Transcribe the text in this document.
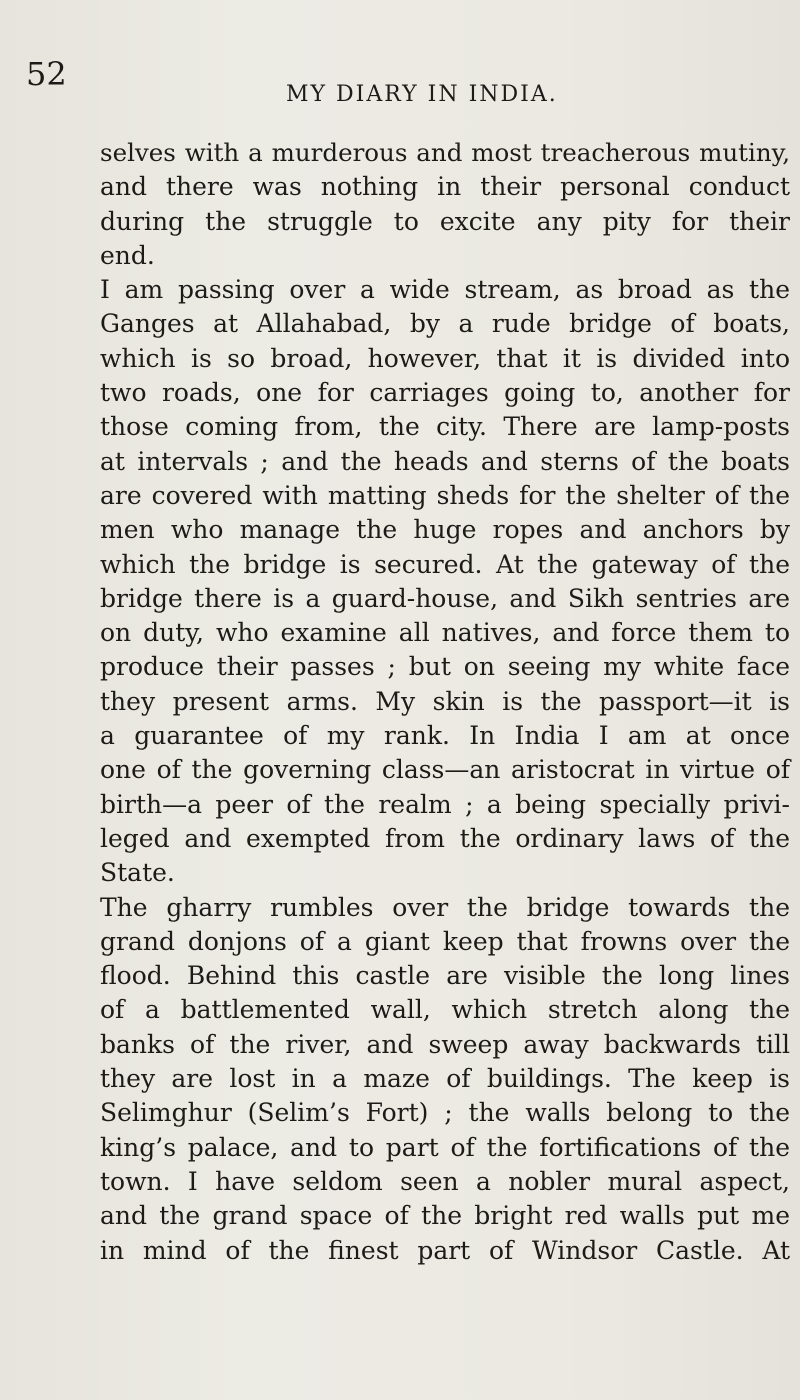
52
MY DIARY IN INDIA.
selves with a murderous and most treacherous mutiny,
and there was nothing in their personal conduct
during the struggle to excite any pity for their
end.
I am passing over a wide stream, as broad as the
Ganges at Allahabad, by a rude bridge of boats,
which is so broad, however, that it is divided into
two roads, one for carriages going to, another for
those coming from, the city. There are lamp-posts
at intervals ; and the heads and sterns of the boats
are covered with matting sheds for the shelter of the
men who manage the huge ropes and anchors by
which the bridge is secured. At the gateway of the
bridge there is a guard-house, and Sikh sentries are
on duty, who examine all natives, and force them to
produce their passes ; but on seeing my white face
they present arms. My skin is the passport—it is
a guarantee of my rank. In India I am at once
one of the governing class—an aristocrat in virtue of
birth—a peer of the realm ; a being specially privi-
leged and exempted from the ordinary laws of the
State.
The gharry rumbles over the bridge towards the
grand donjons of a giant keep that frowns over the
flood. Behind this castle are visible the long lines
of a battlemented wall, which stretch along the
banks of the river, and sweep away backwards till
they are lost in a maze of buildings. The keep is
Selimghur (Selim’s Fort) ; the walls belong to the
king’s palace, and to part of the fortifications of the
town. I have seldom seen a nobler mural aspect,
and the grand space of the bright red walls put me
in mind of the finest part of Windsor Castle. At
